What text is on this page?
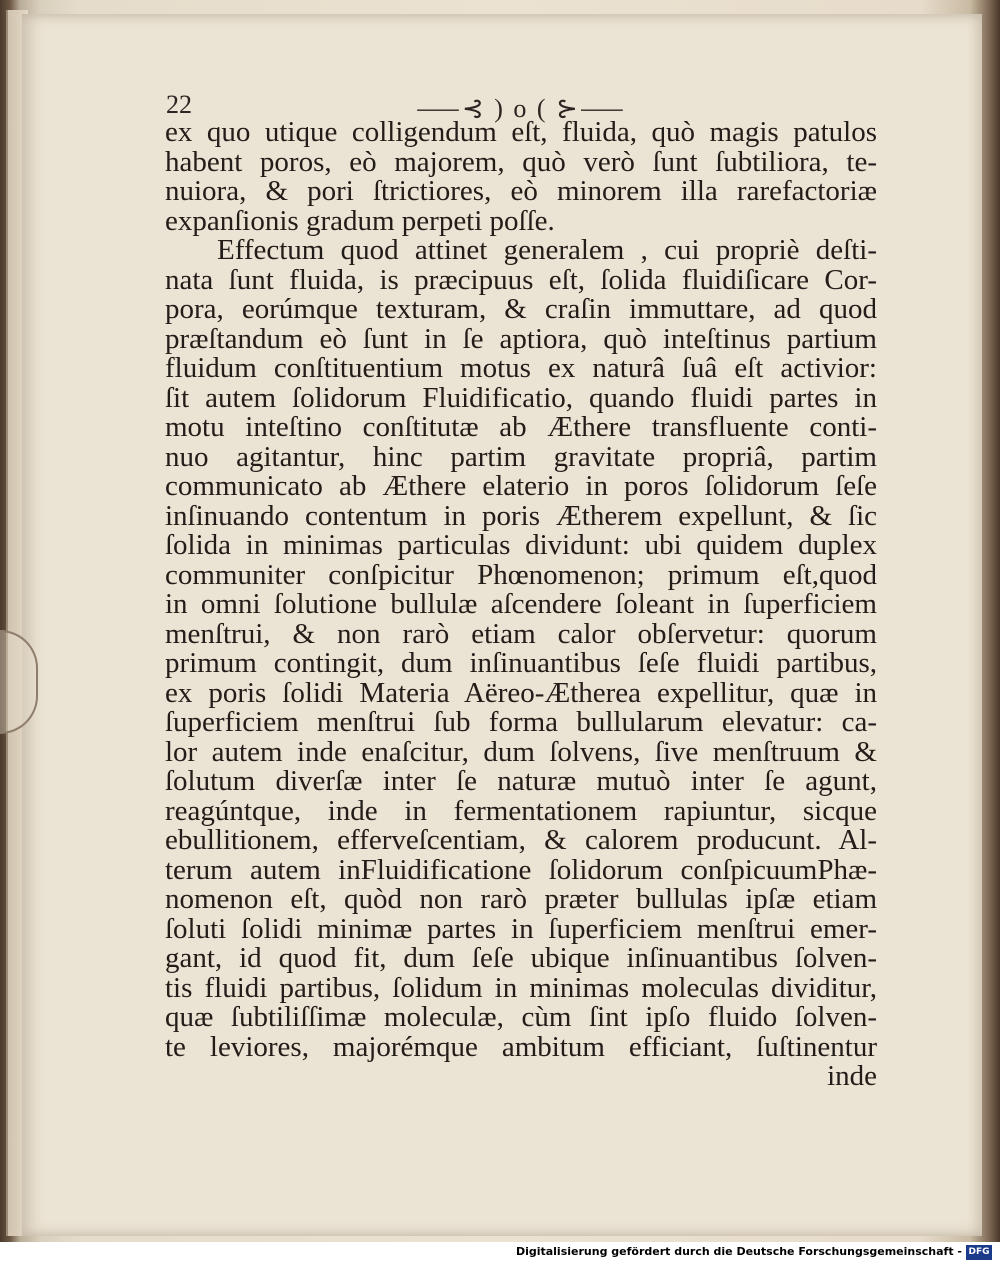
22	⸺⊰ ) o ( ⊱⸺
ex quo utique colligendum eſt, fluida, quò magis patulos
habent poros, eò majorem, quò verò ſunt ſubtiliora, te-
nuiora, & pori ſtrictiores, eò minorem illa rarefactoriæ
expanſionis gradum perpeti poſſe.
Effectum quod attinet generalem , cui propriè deſti-
nata ſunt fluida, is præcipuus eſt, ſolida fluidiſicare Cor-
pora, eorúmque texturam, & craſin immuttare, ad quod
præſtandum eò ſunt in ſe aptiora, quò inteſtinus partium
fluidum conſtituentium motus ex naturâ ſuâ eſt activior:
ſit autem ſolidorum Fluidificatio, quando fluidi partes in
motu inteſtino conſtitutæ ab Æthere transfluente conti-
nuo agitantur, hinc partim gravitate propriâ, partim
communicato ab Æthere elaterio in poros ſolidorum ſeſe
inſinuando contentum in poris Ætherem expellunt, & ſic
ſolida in minimas particulas dividunt: ubi quidem duplex
communiter conſpicitur Phœnomenon; primum eſt,quod
in omni ſolutione bullulæ aſcendere ſoleant in ſuperficiem
menſtrui, & non rarò etiam calor obſervetur: quorum
primum contingit, dum inſinuantibus ſeſe fluidi partibus,
ex poris ſolidi Materia Aëreo-Ætherea expellitur, quæ in
ſuperficiem menſtrui ſub forma bullularum elevatur: ca-
lor autem inde enaſcitur, dum ſolvens, ſive menſtruum &
ſolutum diverſæ inter ſe naturæ mutuò inter ſe agunt,
reagúntque, inde in fermentationem rapiuntur, sicque
ebullitionem, efferveſcentiam, & calorem producunt. Al-
terum autem inFluidificatione ſolidorum conſpicuumPhæ-
nomenon eſt, quòd non rarò præter bullulas ipſæ etiam
ſoluti ſolidi minimæ partes in ſuperficiem menſtrui emer-
gant, id quod fit, dum ſeſe ubique inſinuantibus ſolven-
tis fluidi partibus, ſolidum in minimas moleculas dividitur,
quæ ſubtiliſſimæ moleculæ, cùm ſint ipſo fluido ſolven-
te leviores, majorémque ambitum efficiant, ſuſtinentur
inde
Digitalisierung gefördert durch die Deutsche Forschungsgemeinschaft - DFG
